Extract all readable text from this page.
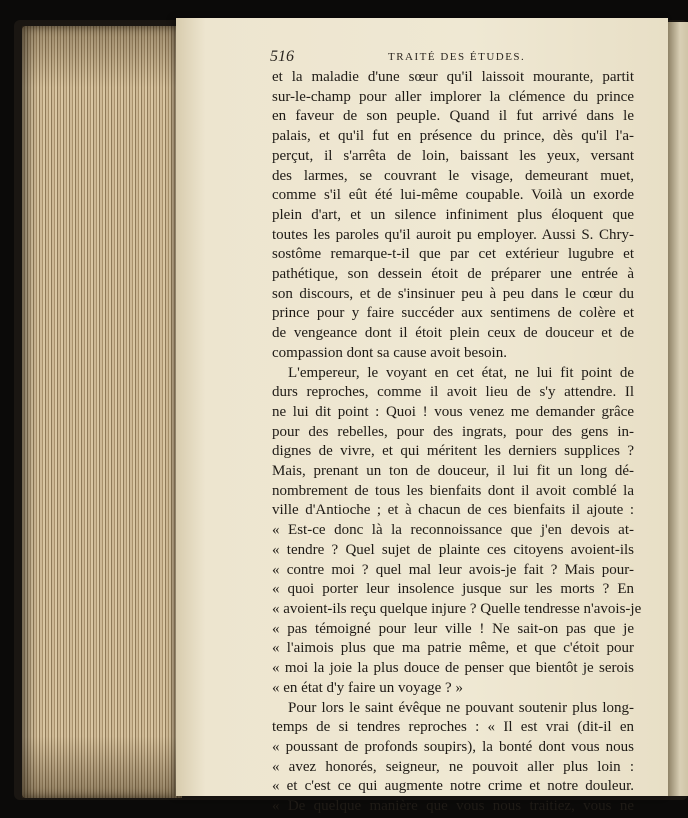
516	TRAITÉ DES ÉTUDES.
et la maladie d'une sœur qu'il laissoit mourante, partit
sur-le-champ pour aller implorer la clémence du prince
en faveur de son peuple. Quand il fut arrivé dans le
palais, et qu'il fut en présence du prince, dès qu'il l'a-
perçut, il s'arrêta de loin, baissant les yeux, versant
des larmes, se couvrant le visage, demeurant muet,
comme s'il eût été lui-même coupable. Voilà un exorde
plein d'art, et un silence infiniment plus éloquent que
toutes les paroles qu'il auroit pu employer. Aussi S. Chry-
sostôme remarque-t-il que par cet extérieur lugubre et
pathétique, son dessein étoit de préparer une entrée à
son discours, et de s'insinuer peu à peu dans le cœur du
prince pour y faire succéder aux sentimens de colère et
de vengeance dont il étoit plein ceux de douceur et de
compassion dont sa cause avoit besoin.
L'empereur, le voyant en cet état, ne lui fit point de
durs reproches, comme il avoit lieu de s'y attendre. Il
ne lui dit point : Quoi ! vous venez me demander grâce
pour des rebelles, pour des ingrats, pour des gens in-
dignes de vivre, et qui méritent les derniers supplices ?
Mais, prenant un ton de douceur, il lui fit un long dé-
nombrement de tous les bienfaits dont il avoit comblé la
ville d'Antioche ; et à chacun de ces bienfaits il ajoute :
« Est-ce donc là la reconnoissance que j'en devois at-
« tendre ? Quel sujet de plainte ces citoyens avoient-ils
« contre moi ? quel mal leur avois-je fait ? Mais pour-
« quoi porter leur insolence jusque sur les morts ? En
« avoient-ils reçu quelque injure ? Quelle tendresse n'avois-je
« pas témoigné pour leur ville ! Ne sait-on pas que je
« l'aimois plus que ma patrie même, et que c'étoit pour
« moi la joie la plus douce de penser que bientôt je serois
« en état d'y faire un voyage ? »
Pour lors le saint évêque ne pouvant soutenir plus long-
temps de si tendres reproches : « Il est vrai (dit-il en
« poussant de profonds soupirs), la bonté dont vous nous
« avez honorés, seigneur, ne pouvoit aller plus loin :
« et c'est ce qui augmente notre crime et notre douleur.
« De quelque manière que vous nous traitiez, vous ne
